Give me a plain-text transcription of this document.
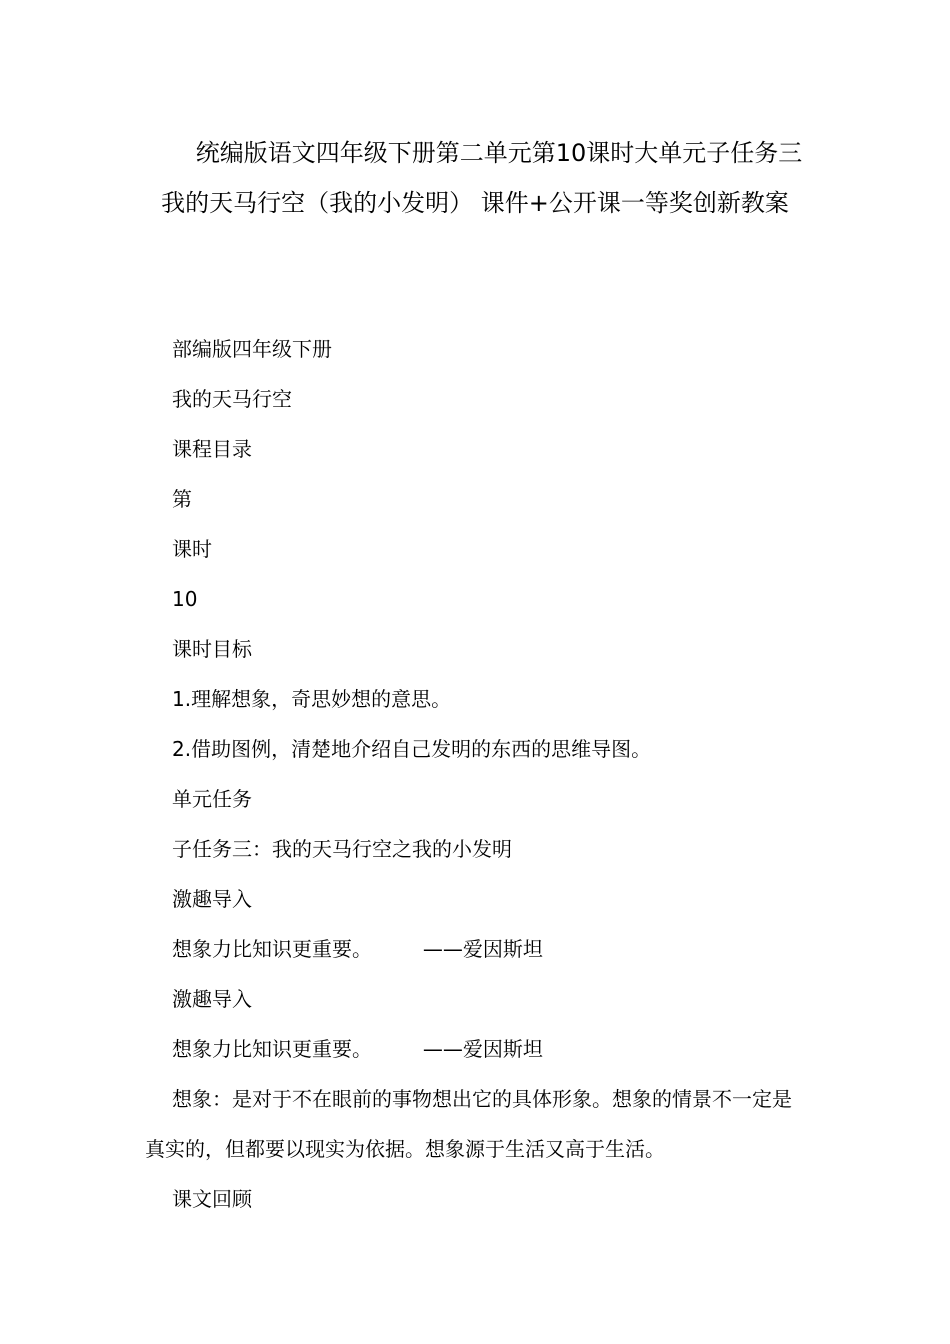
统编版语文四年级下册第二单元第10课时大单元子任务三我的天马行空（我的小发明） 课件+公开课一等奖创新教案

部编版四年级下册

我的天马行空

课程目录

第

课时

10

课时目标

1.理解想象，奇思妙想的意思。

2.借助图例，清楚地介绍自己发明的东西的思维导图。

单元任务

子任务三：我的天马行空之我的小发明

激趣导入

想象力比知识更重要。        ——爱因斯坦

激趣导入

想象力比知识更重要。        ——爱因斯坦

想象：是对于不在眼前的事物想出它的具体形象。想象的情景不一定是真实的，但都要以现实为依据。想象源于生活又高于生活。

课文回顾
